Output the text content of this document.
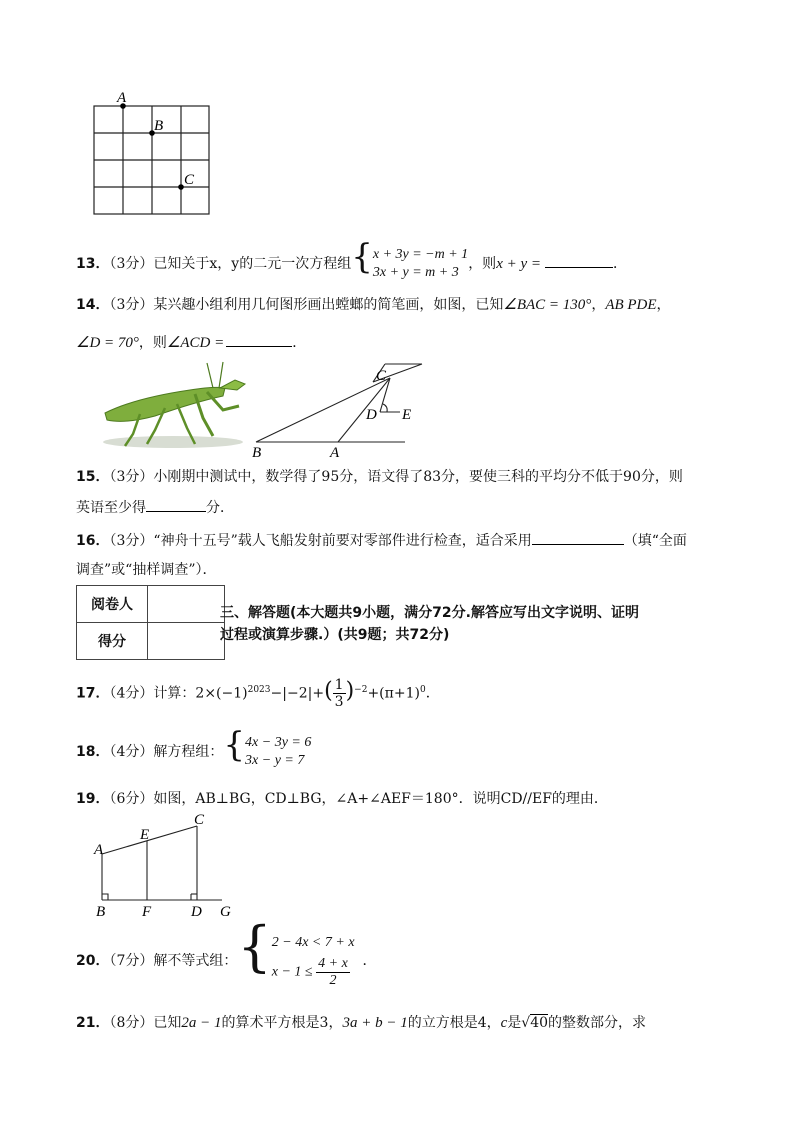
A
B
C
13．（3分）已知关于x，y的二元一次方程组{ x + 3y = −m + 1
3x + y = m + 3
，则x + y =	．
14．（3分）某兴趣小组利用几何图形画出螳螂的简笔画，如图，已知∠BAC = 130°，AB PDE，
∠D = 70°，则∠ACD =	．
C
D E
B	A
15．（3分）小刚期中测试中，数学得了95分，语文得了83分，要使三科的平均分不低于90分，则
英语至少得	分．
16．（3分）“神舟十五号”载人飞船发射前要对零部件进行检查，适合采用	（填“全面
调查”或“抽样调查”）．
阅卷人	
得分	
三、解答题(本大题共9小题，满分72分.解答应写出文字说明、证明
过程或演算步骤.）(共9题；共72分)
17．（4分）计算：$2\times(-1)^{2023}-|-2|+( \frac{1}{3} )^{-2}+(\pi+1)^0$．
18．（4分）解方程组：{ 4x − 3y = 6
3x − y = 7
19．（6分）如图，AB⊥BG，CD⊥BG，∠A+∠AEF＝180°．说明CD//EF的理由．
A
E
C
B F	D G
20．（7分）解不等式组：{ 2 − 4x < 7 + x
$x - 1 \le \frac{4 + x}{2}$ ．
21．（8分）已知2a − 1的算术平方根是3，3a + b − 1的立方根是4，c是√40的整数部分，求
